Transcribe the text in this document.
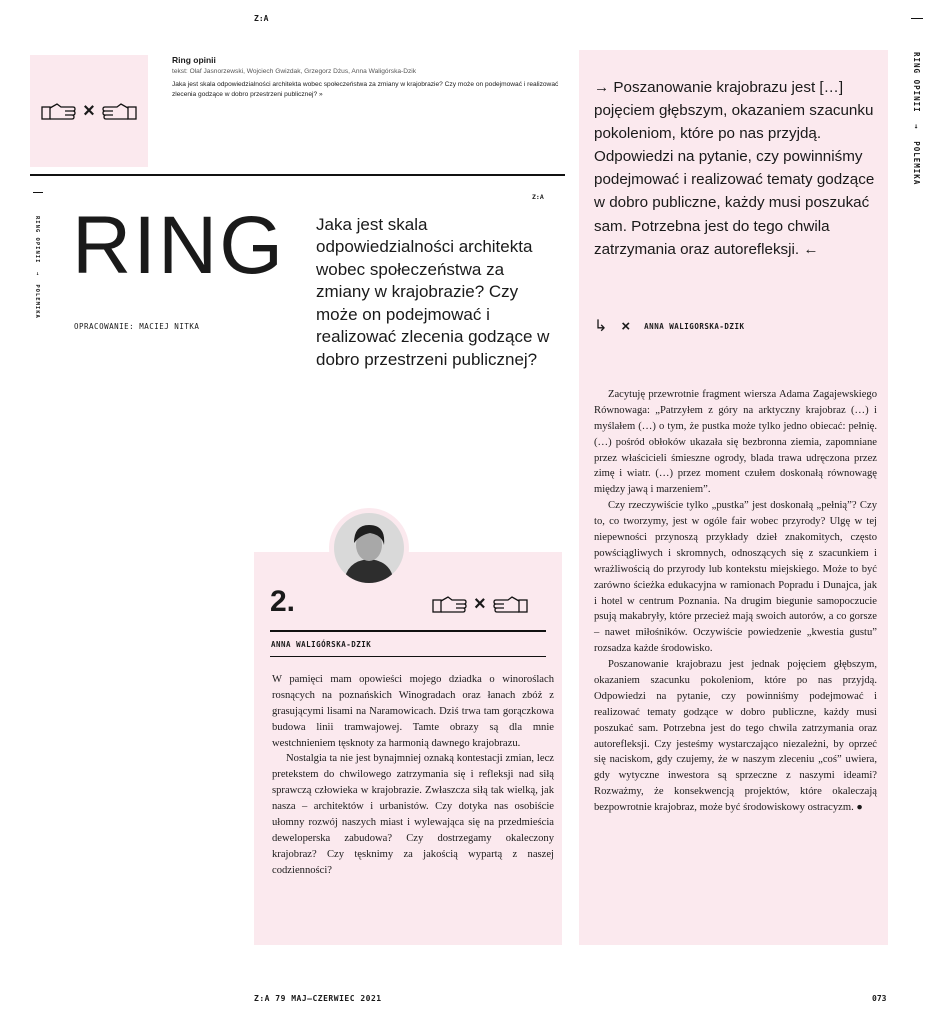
Z:A
RING OPINII → POLEMIKA
×
Ring opinii
tekst: Olaf Jasnorzewski, Wojciech Gwizdak, Grzegorz Dżus, Anna Waligórska-Dzik
Jaka jest skala odpowiedzialności architekta wobec społeczeństwa za zmiany w krajobrazie? Czy może on podejmować i realizować zlecenia godzące w dobro przestrzeni publicznej? »
Z:A
RING OPINII → POLEMIKA
RING
OPRACOWANIE: MACIEJ NITKA
Jaka jest skala odpowiedzialności architekta wobec społeczeństwa za zmiany w krajobrazie? Czy może on podejmować i realizować zlecenia godzące w dobro przestrzeni publicznej?
2.	×
ANNA WALIGÓRSKA-DZIK

W pamięci mam opowieści mojego dziadka o winoroślach rosnących na poznańskich Winogradach oraz łanach zbóż z grasującymi lisami na Naramowicach. Dziś trwa tam gorączkowa budowa linii tramwajowej. Tamte obrazy są dla mnie westchnieniem tęsknoty za harmonią dawnego krajobrazu.

Nostalgia ta nie jest bynajmniej oznaką kontestacji zmian, lecz pretekstem do chwilowego zatrzymania się i refleksji nad siłą sprawczą człowieka w krajobrazie. Zwłaszcza siłą tak wielką, jak nasza – architektów i urbanistów. Czy dotyka nas osobiście ułomny rozwój naszych miast i wylewająca się na przedmieścia deweloperska zabudowa? Czy dostrzegamy okaleczony krajobraz? Czy tęsknimy za jakością wypartą z naszej codzienności?

→ Poszanowanie krajobrazu jest […] pojęciem głębszym, okazaniem szacunku pokoleniom, które po nas przyjdą. Odpowiedzi na pytanie, czy powinniśmy podejmować i realizować tematy godzące w dobro publiczne, każdy musi poszukać sam. Potrzebna jest do tego chwila zatrzymania oraz autorefleksji. ←
↳ × ANNA WALIGORSKA-DZIK

Zacytuję przewrotnie fragment wiersza Adama Zagajewskiego Równowaga: „Patrzyłem z góry na arktyczny krajobraz (…) i myślałem (…) o tym, że pustka może tylko jedno obiecać: pełnię. (…) pośród obłoków ukazała się bezbronna ziemia, zapomniane przez właścicieli śmieszne ogrody, blada trawa udręczona przez zimę i wiatr. (…) przez moment czułem doskonałą równowagę między jawą i marzeniem”.

Czy rzeczywiście tylko „pustka” jest doskonałą „pełnią”? Czy to, co tworzymy, jest w ogóle fair wobec przyrody? Ulgę w tej niepewności przynoszą przykłady dzieł znakomitych, często powściągliwych i skromnych, odnoszących się z szacunkiem i wrażliwością do przyrody lub kontekstu miejskiego. Może to być zarówno ścieżka edukacyjna w ramionach Popradu i Dunajca, jak i hotel w centrum Poznania. Na drugim biegunie samopoczucie psują makabryły, które przecież mają swoich autorów, a co gorsze – nawet miłośników. Oczywiście powiedzenie „kwestia gustu” rozsadza każde środowisko.

Poszanowanie krajobrazu jest jednak pojęciem głębszym, okazaniem szacunku pokoleniom, które po nas przyjdą. Odpowiedzi na pytanie, czy powinniśmy podejmować i realizować tematy godzące w dobro publiczne, każdy musi poszukać sam. Potrzebna jest do tego chwila zatrzymania oraz autorefleksji. Czy jesteśmy wystarczająco niezależni, by oprzeć się naciskom, gdy czujemy, że w naszym zleceniu „coś” uwiera, gdy wytyczne inwestora są sprzeczne z naszymi ideami? Rozważmy, że konsekwencją projektów, które okaleczają bezpowrotnie krajobraz, może być środowiskowy ostracyzm. ●

Z:A 79 MAJ—CZERWIEC 2021	073
